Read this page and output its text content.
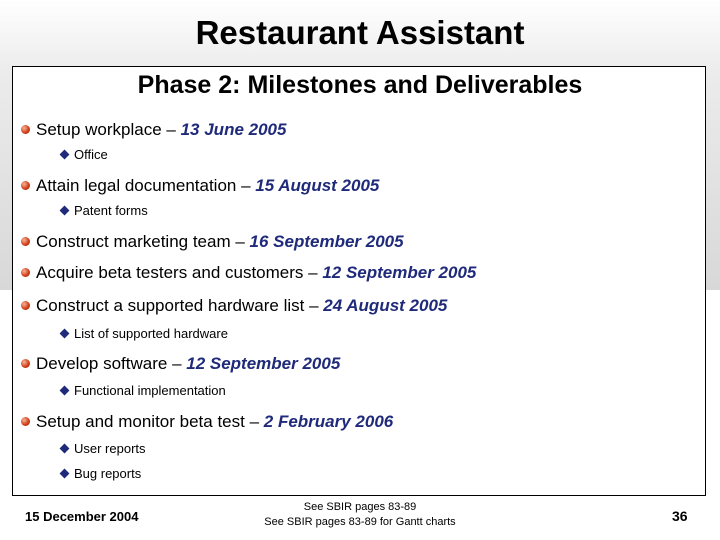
Restaurant Assistant
Phase 2: Milestones and Deliverables
Setup workplace – 13 June 2005
Office
Attain legal documentation – 15 August 2005
Patent forms
Construct marketing team – 16 September 2005
Acquire beta testers and customers – 12 September 2005
Construct a supported hardware list – 24 August 2005
List of supported hardware
Develop software – 12 September 2005
Functional implementation
Setup and monitor beta test – 2 February 2006
User reports
Bug reports
15 December 2004
See SBIR pages 83-89
See SBIR pages 83-89 for Gantt charts	36
